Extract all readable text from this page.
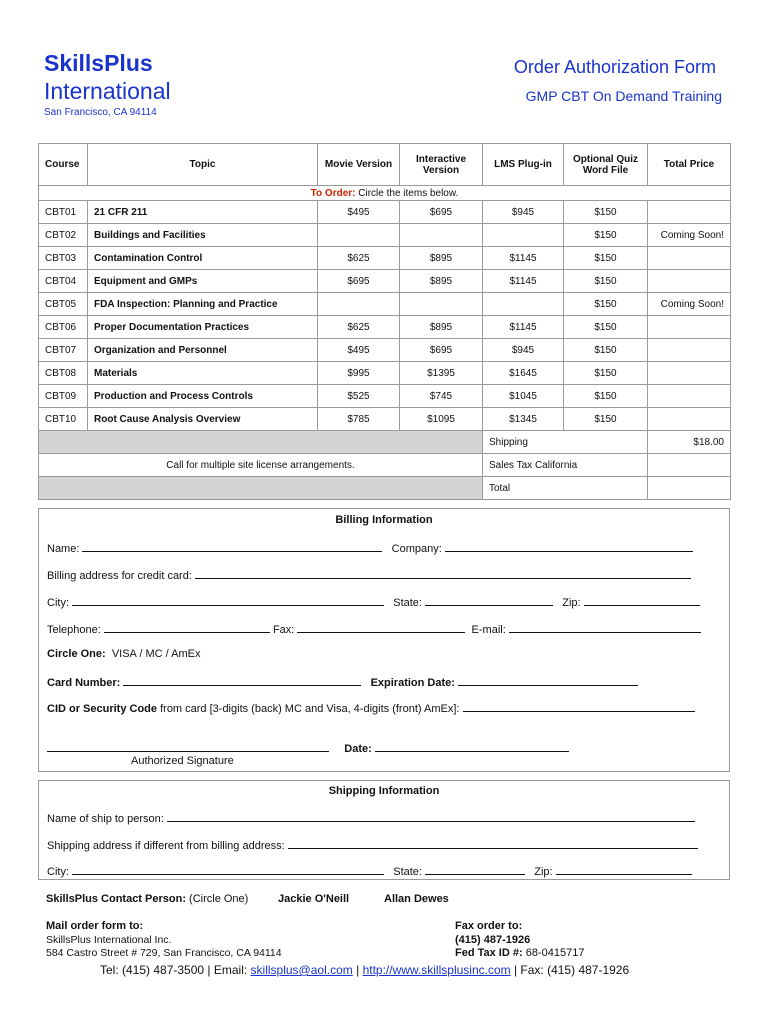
SkillsPlus
International
San Francisco, CA 94114
Order Authorization Form
GMP CBT On Demand Training
Course	Topic	Movie Version	Interactive Version	LMS Plug-in	Optional Quiz Word File	Total Price
To Order: Circle the items below.						
CBT01	21 CFR 211	$495	$695	$945	$150	
CBT02	Buildings and Facilities				$150	Coming Soon!
CBT03	Contamination Control	$625	$895	$1145	$150	
CBT04	Equipment and GMPs	$695	$895	$1145	$150	
CBT05	FDA Inspection: Planning and Practice				$150	Coming Soon!
CBT06	Proper Documentation Practices	$625	$895	$1145	$150	
CBT07	Organization and Personnel	$495	$695	$945	$150	
CBT08	Materials	$995	$1395	$1645	$150	
CBT09	Production and Process Controls	$525	$745	$1045	$150	
CBT10	Root Cause Analysis Overview	$785	$1095	$1345	$150	
				Shipping		$18.00
Call for multiple site license arrangements.				Sales Tax California		
				Total		
Billing Information
Name:	Company:
Billing address for credit card:
City:	State:	Zip:
Telephone:	Fax:	E-mail:
Circle One: VISA / MC / AmEx
Card Number:	Expiration Date:
CID or Security Code from card [3-digits (back) MC and Visa, 4-digits (front) AmEx]:
Date:
Authorized Signature
Shipping Information
Name of ship to person:
Shipping address if different from billing address:
City:	State:	Zip:
SkillsPlus Contact Person: (Circle One)	Jackie O'Neill	Allan Dewes
Mail order form to:
SkillsPlus International Inc.
584 Castro Street # 729, San Francisco, CA 94114
Fax order to:
(415) 487-1926
Fed Tax ID #: 68-0415717
Tel: (415) 487-3500 | Email: skillsplus@aol.com | http://www.skillsplusinc.com | Fax: (415) 487-1926
